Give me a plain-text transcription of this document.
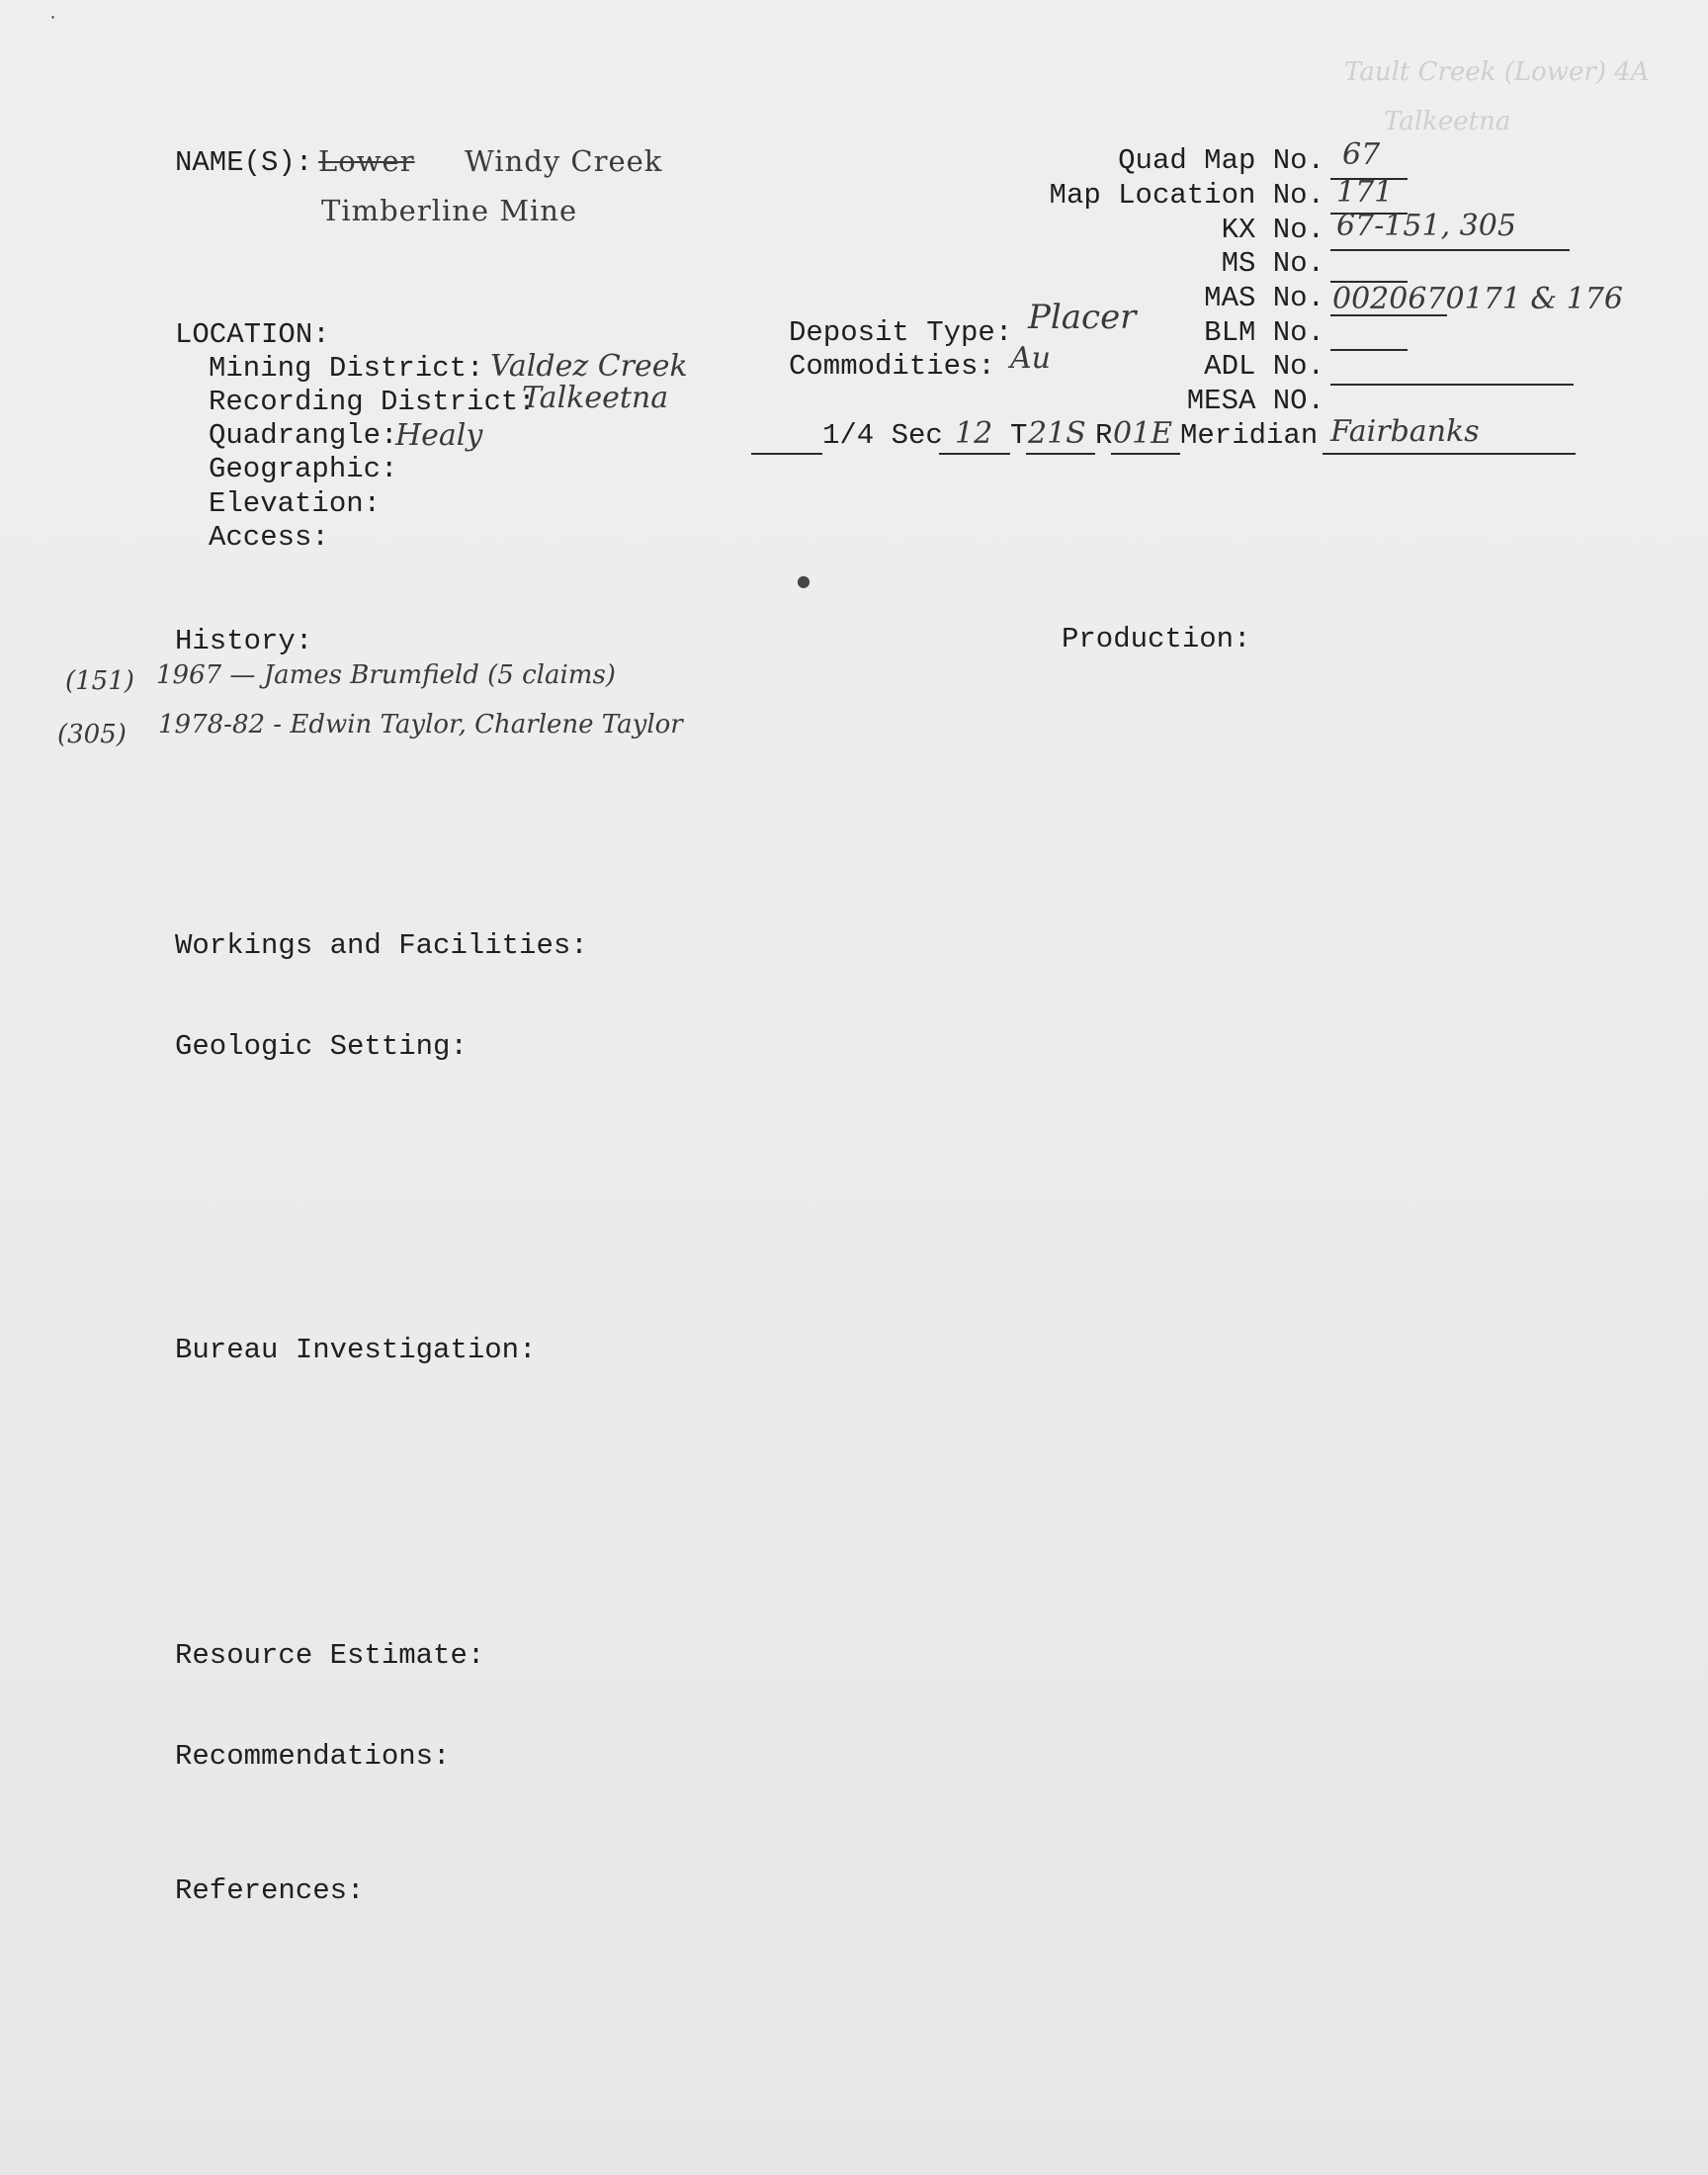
Tault Creek (Lower) 4A
Talkeetna
˙
●
NAME(S): Lower Windy Creek
Timberline Mine
Quad Map No. 67
Map Location No. 171
KX No. 67-151, 305
MS No.
MAS No. 0020670171 & 176
BLM No.
ADL No.
MESA NO.
LOCATION:
Mining District: Valdez Creek
Recording District:
Talkeetna
Quadrangle:
Healy
Geographic:
Elevation:
Access:
Deposit Type: Placer
Commodities: Au
1/4 Sec 12 T 21S R 01E Meridian Fairbanks
History:
(151) 1967 — James Brumfield (5 claims)
(305) 1978-82 - Edwin Taylor, Charlene Taylor
Production:
Workings and Facilities:
Geologic Setting:
Bureau Investigation:
Resource Estimate:
Recommendations:
References:
